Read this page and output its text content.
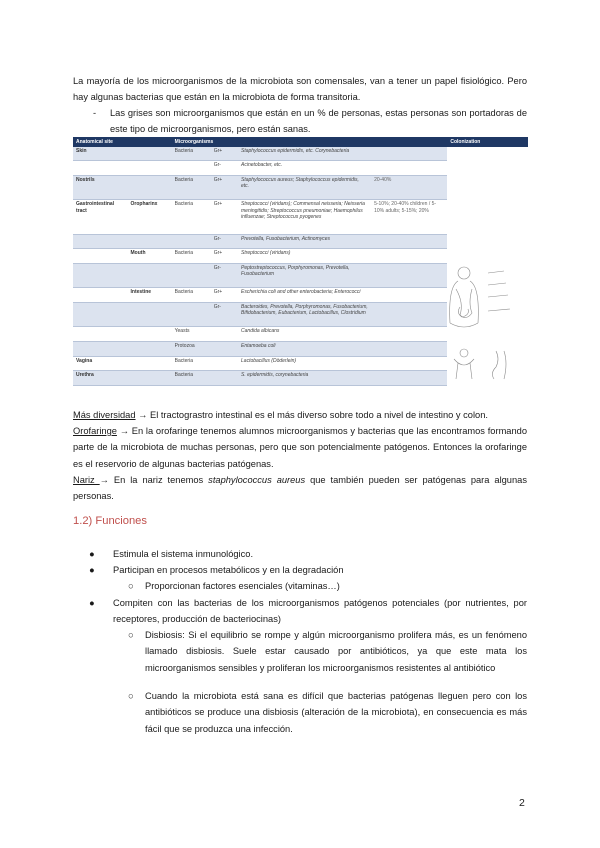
La mayoría de los microorganismos de la microbiota son comensales, van a tener un papel fisiológico. Pero hay algunas bacterias que están en la microbiota de forma transitoria.
- Las grises son microorganismos que están en un % de personas, estas personas son portadoras de este tipo de microorganismos, pero están sanas.
Anatomical site		Microorganisms				Colonization
Skin		Bacteria	Gr+	Staphylococcus epidermidis, etc. Corynebacteria		
			Gr-	Acinetobacter, etc.		
Nostrils		Bacteria	Gr+	Staphylococcus aureus; Staphylococcus epidermidis, etc.	20-40%	
Gastrointestinal tract	Oropharinx	Bacteria	Gr+	Streptococci (viridans); Commensal neisseria; Neisseria meningitidis; Streptococcus pneumoniae; Haemophilus influenzae; Streptococcus pyogenes	5-10%; 20-40% children / 5-10% adults; 5-15%; 20%	
			Gr-	Prevotella, Fusobacterium, Actinomyces		
	Mouth	Bacteria	Gr+	Streptococci (viridans)		
			Gr-	Peptostreptococcus, Porphyromonas, Prevotella, Fusobacterium		
	Intestine	Bacteria	Gr+	Escherichia coli and other enterobacteria; Enterococci		
			Gr-	Bacteroides, Prevotella, Porphyromonas, Fusobacterium, Bifidobacterium, Eubacterium, Lactobacillus, Clostridium		
		Yeasts		Candida albicans		
		Protozoa		Entamoeba coli		
Vagina		Bacteria		Lactobacillus (Döderlein)		
Urethra		Bacteria		S. epidermidis, corynebacteria		
Más diversidad → El tractograstro intestinal es el más diverso sobre todo a nivel de intestino y colon.
Orofaringe → En la orofaringe tenemos alumnos microorganismos y bacterias que las encontramos formando parte de la microbiota de muchas personas, pero que son potencialmente patógenos. Entonces la orofaringe es el reservorio de algunas bacterias patógenas.
Nariz → En la nariz tenemos staphylococcus aureus que también pueden ser patógenas para algunas personas.
1.2) Funciones
● Estimula el sistema inmunológico.
● Participan en procesos metabólicos y en la degradación
○ Proporcionan factores esenciales (vitaminas…)
● Compiten con las bacterias de los microorganismos patógenos potenciales (por nutrientes, por receptores, producción de bacteriocinas)
○ Disbiosis: Si el equilibrio se rompe y algún microorganismo prolifera más, es un fenómeno llamado disbiosis. Suele estar causado por antibióticos, ya que este mata los microorganismos sensibles y proliferan los microorganismos resistentes al antibiótico
○ Cuando la microbiota está sana es difícil que bacterias patógenas lleguen pero con los antibióticos se produce una disbiosis (alteración de la microbiota), en consecuencia es más fácil que se produzca una infección.
2
